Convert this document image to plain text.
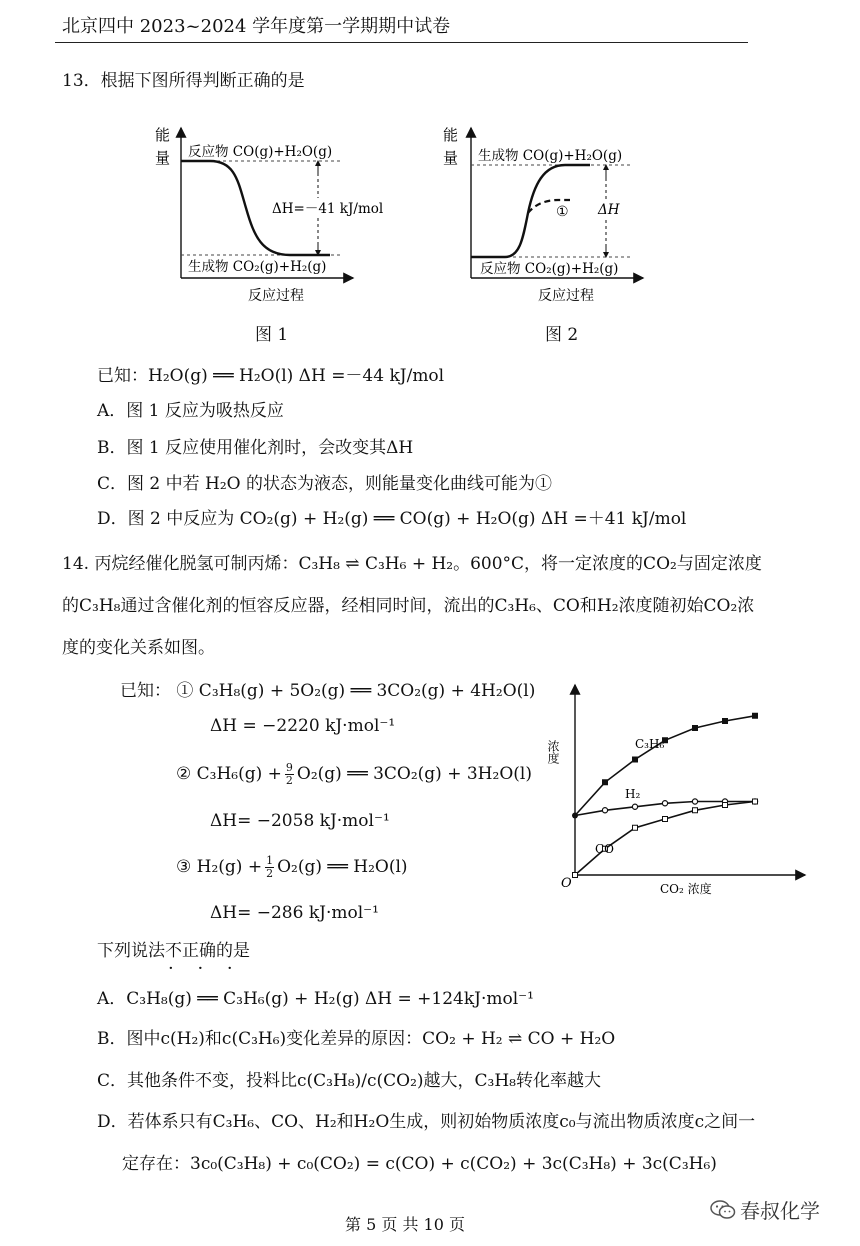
北京四中 2023~2024 学年度第一学期期中试卷
13．根据下图所得判断正确的是
能
量 反应物 CO(g)+H₂O(g)
生成物 CO₂(g)+H₂(g)
ΔH=－41 kJ/mol
反应过程
图 1
能
量
①
生成物 CO(g)+H₂O(g)
反应物 CO₂(g)+H₂(g)
ΔH
反应过程
图 2
已知：H₂O(g) ══ H₂O(l) ΔH =－44 kJ/mol
A．图 1 反应为吸热反应
B．图 1 反应使用催化剂时，会改变其ΔH
C．图 2 中若 H₂O 的状态为液态，则能量变化曲线可能为①
D．图 2 中反应为 CO₂(g) + H₂(g) ══ CO(g) + H₂O(g) ΔH =＋41 kJ/mol
14. 丙烷经催化脱氢可制丙烯：C₃H₈ ⇌ C₃H₆ + H₂。600°C，将一定浓度的CO₂与固定浓度
的C₃H₈通过含催化剂的恒容反应器，经相同时间，流出的C₃H₆、CO和H₂浓度随初始CO₂浓
度的变化关系如图。
已知： ① C₃H₈(g) + 5O₂(g) ══ 3CO₂(g) + 4H₂O(l)
ΔH = −2220 kJ·mol⁻¹
② $C_3H_6(g) + \frac{9}{2} O_2(g)$ ══ 3CO₂(g) + 3H₂O(l)
ΔH= −2058 kJ·mol⁻¹
③ $H_2(g) + \frac{1}{2} O_2(g)$ ══ H₂O(l)
ΔH= −286 kJ·mol⁻¹
浓度
O	CO₂ 浓度
C₃H₆
H₂
CO
下列说法不正确的是
· · ·
A．C₃H₈(g) ══ C₃H₆(g) + H₂(g) ΔH = +124kJ·mol⁻¹
B．图中c(H₂)和c(C₃H₆)变化差异的原因：CO₂ + H₂ ⇌ CO + H₂O
C．其他条件不变，投料比c(C₃H₈)/c(CO₂)越大，C₃H₈转化率越大
D．若体系只有C₃H₆、CO、H₂和H₂O生成，则初始物质浓度c₀与流出物质浓度c之间一
定存在：3c₀(C₃H₈) + c₀(CO₂) = c(CO) + c(CO₂) + 3c(C₃H₈) + 3c(C₃H₆)
第 5 页 共 10 页
春叔化学
